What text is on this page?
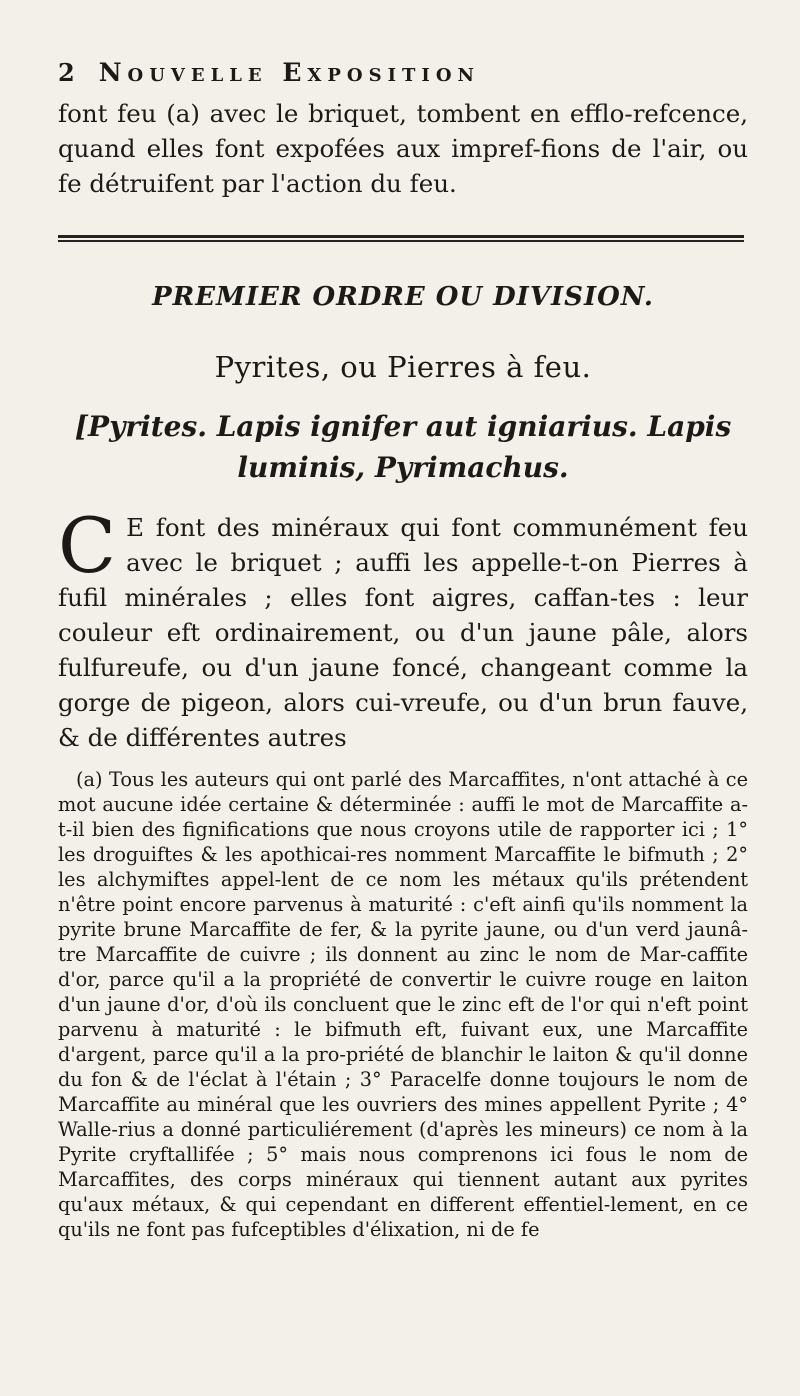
2 Nouvelle Exposition

font feu (a) avec le briquet, tombent en efflo-refcence, quand elles font expofées aux impref-fions de l'air, ou fe détruifent par l'action du feu.

PREMIER ORDRE OU DIVISION.
Pyrites, ou Pierres à feu.
[Pyrites. Lapis ignifer aut igniarius. Lapis luminis, Pyrimachus.

C E font des minéraux qui font communément feu avec le briquet ; auffi les appelle-t-on Pierres à fufil minérales ; elles font aigres, caffan-tes : leur couleur eft ordinairement, ou d'un jaune pâle, alors fulfureufe, ou d'un jaune foncé, changeant comme la gorge de pigeon, alors cui-vreufe, ou d'un brun fauve, & de différentes autres

(a) Tous les auteurs qui ont parlé des Marcaffites, n'ont attaché à ce mot aucune idée certaine & déterminée : auffi le mot de Marcaffite a-t-il bien des fignifications que nous croyons utile de rapporter ici ; 1° les droguiftes & les apothicai-res nomment Marcaffite le bifmuth ; 2° les alchymiftes appel-lent de ce nom les métaux qu'ils prétendent n'être point encore parvenus à maturité : c'eft ainfi qu'ils nomment la pyrite brune Marcaffite de fer, & la pyrite jaune, ou d'un verd jaunâ-tre Marcaffite de cuivre ; ils donnent au zinc le nom de Mar-caffite d'or, parce qu'il a la propriété de convertir le cuivre rouge en laiton d'un jaune d'or, d'où ils concluent que le zinc eft de l'or qui n'eft point parvenu à maturité : le bifmuth eft, fuivant eux, une Marcaffite d'argent, parce qu'il a la pro-priété de blanchir le laiton & qu'il donne du fon & de l'éclat à l'étain ; 3° Paracelfe donne toujours le nom de Marcaffite au minéral que les ouvriers des mines appellent Pyrite ; 4° Walle-rius a donné particuliérement (d'après les mineurs) ce nom à la Pyrite cryftallifée ; 5° mais nous comprenons ici fous le nom de Marcaffites, des corps minéraux qui tiennent autant aux pyrites qu'aux métaux, & qui cependant en different effentiel-lement, en ce qu'ils ne font pas fufceptibles d'élixation, ni de fe
